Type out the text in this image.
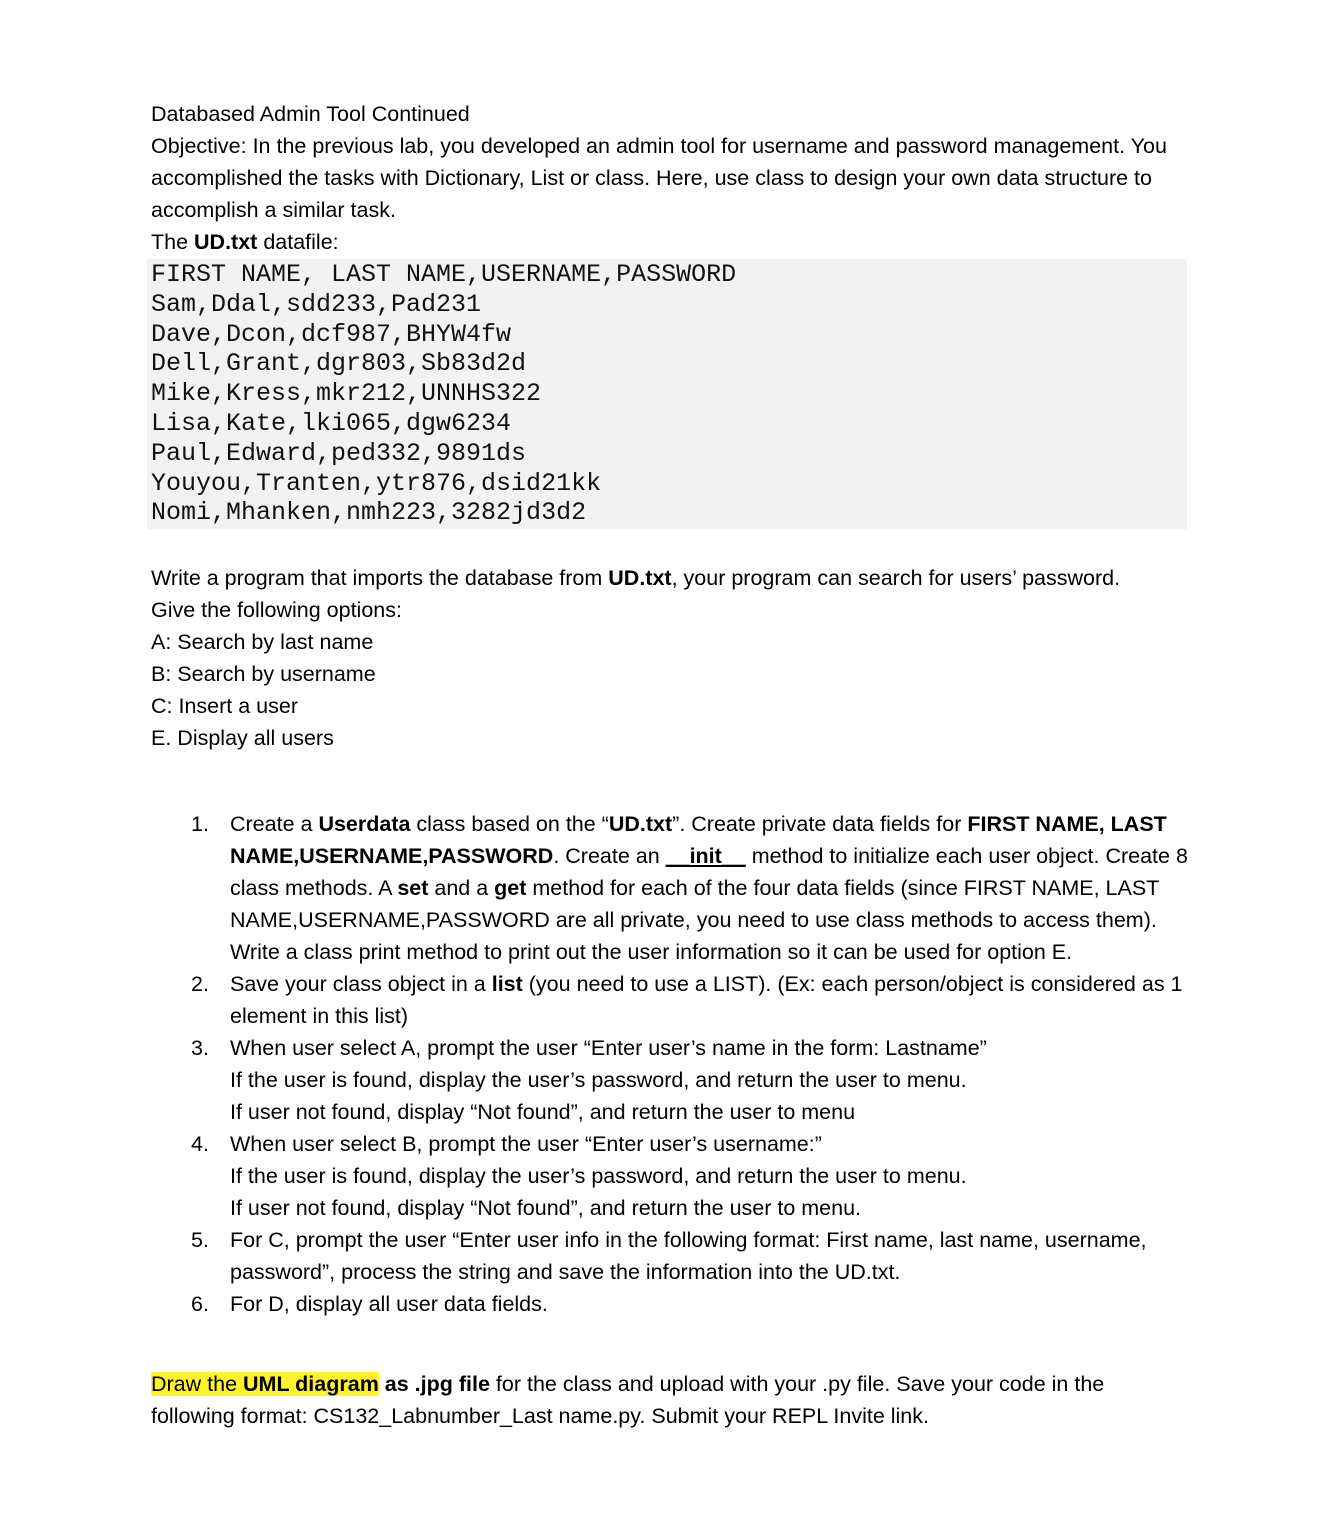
Databased Admin Tool Continued
Objective: In the previous lab, you developed an admin tool for username and password management. You accomplished the tasks with Dictionary, List or class. Here, use class to design your own data structure to accomplish a similar task.
The UD.txt datafile:
FIRST NAME, LAST NAME,USERNAME,PASSWORD
Sam,Ddal,sdd233,Pad231
Dave,Dcon,dcf987,BHYW4fw
Dell,Grant,dgr803,Sb83d2d
Mike,Kress,mkr212,UNNHS322
Lisa,Kate,lki065,dgw6234
Paul,Edward,ped332,9891ds
Youyou,Tranten,ytr876,dsid21kk
Nomi,Mhanken,nmh223,3282jd3d2
Write a program that imports the database from UD.txt, your program can search for users’ password.
Give the following options:
A: Search by last name
B: Search by username
C: Insert a user
E. Display all users
1. Create a Userdata class based on the “UD.txt”. Create private data fields for FIRST NAME, LAST NAME,USERNAME,PASSWORD. Create an __init__ method to initialize each user object. Create 8 class methods. A set and a get method for each of the four data fields (since FIRST NAME, LAST NAME,USERNAME,PASSWORD are all private, you need to use class methods to access them). Write a class print method to print out the user information so it can be used for option E.
2. Save your class object in a list (you need to use a LIST). (Ex: each person/object is considered as 1 element in this list)
3. When user select A, prompt the user “Enter user’s name in the form: Lastname”
If the user is found, display the user’s password, and return the user to menu.
If user not found, display “Not found”, and return the user to menu
4. When user select B, prompt the user “Enter user’s username:”
If the user is found, display the user’s password, and return the user to menu.
If user not found, display “Not found”, and return the user to menu.
5. For C, prompt the user “Enter user info in the following format: First name, last name, username, password”, process the string and save the information into the UD.txt.
6. For D, display all user data fields.
Draw the UML diagram as .jpg file for the class and upload with your .py file. Save your code in the following format: CS132_Labnumber_Last name.py. Submit your REPL Invite link.
